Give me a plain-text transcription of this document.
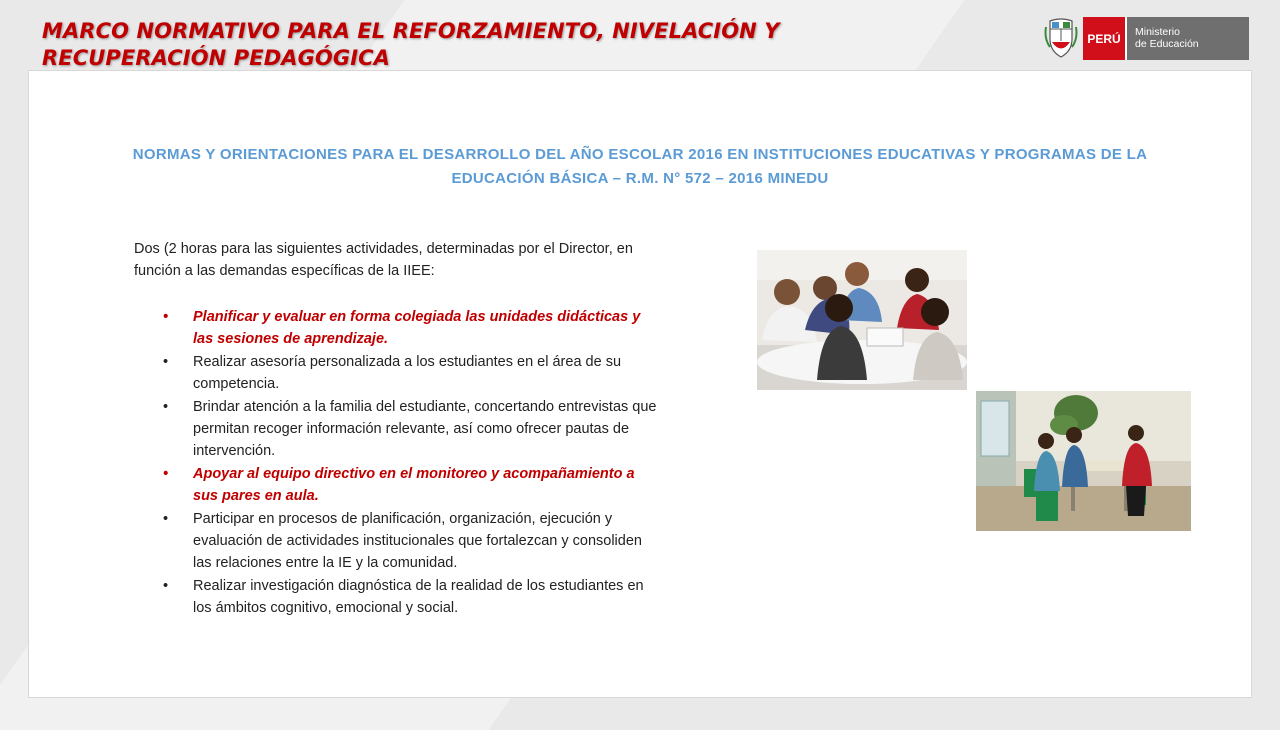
MARCO NORMATIVO PARA EL REFORZAMIENTO, NIVELACIÓN Y RECUPERACIÓN PEDAGÓGICA
PERÚ	Ministerio
de Educación
NORMAS Y ORIENTACIONES PARA EL DESARROLLO DEL AÑO ESCOLAR 2016 EN INSTITUCIONES EDUCATIVAS Y PROGRAMAS DE LA EDUCACIÓN BÁSICA – R.M. N° 572 – 2016 MINEDU
Dos (2 horas para las siguientes actividades, determinadas por el Director, en función a las demandas específicas de la IIEE:
• Planificar y evaluar en forma colegiada las unidades didácticas y las sesiones de aprendizaje.
• Realizar asesoría personalizada a los estudiantes en el área de su competencia.
• Brindar atención a la familia del estudiante, concertando entrevistas que permitan recoger información relevante, así como ofrecer pautas de intervención.
• Apoyar al equipo directivo en el monitoreo y acompañamiento a sus pares en aula.
• Participar en procesos de planificación, organización, ejecución y evaluación de actividades institucionales que fortalezcan y consoliden las relaciones entre la IE y la comunidad.
• Realizar investigación diagnóstica de la realidad de los estudiantes en los ámbitos cognitivo, emocional y social.
